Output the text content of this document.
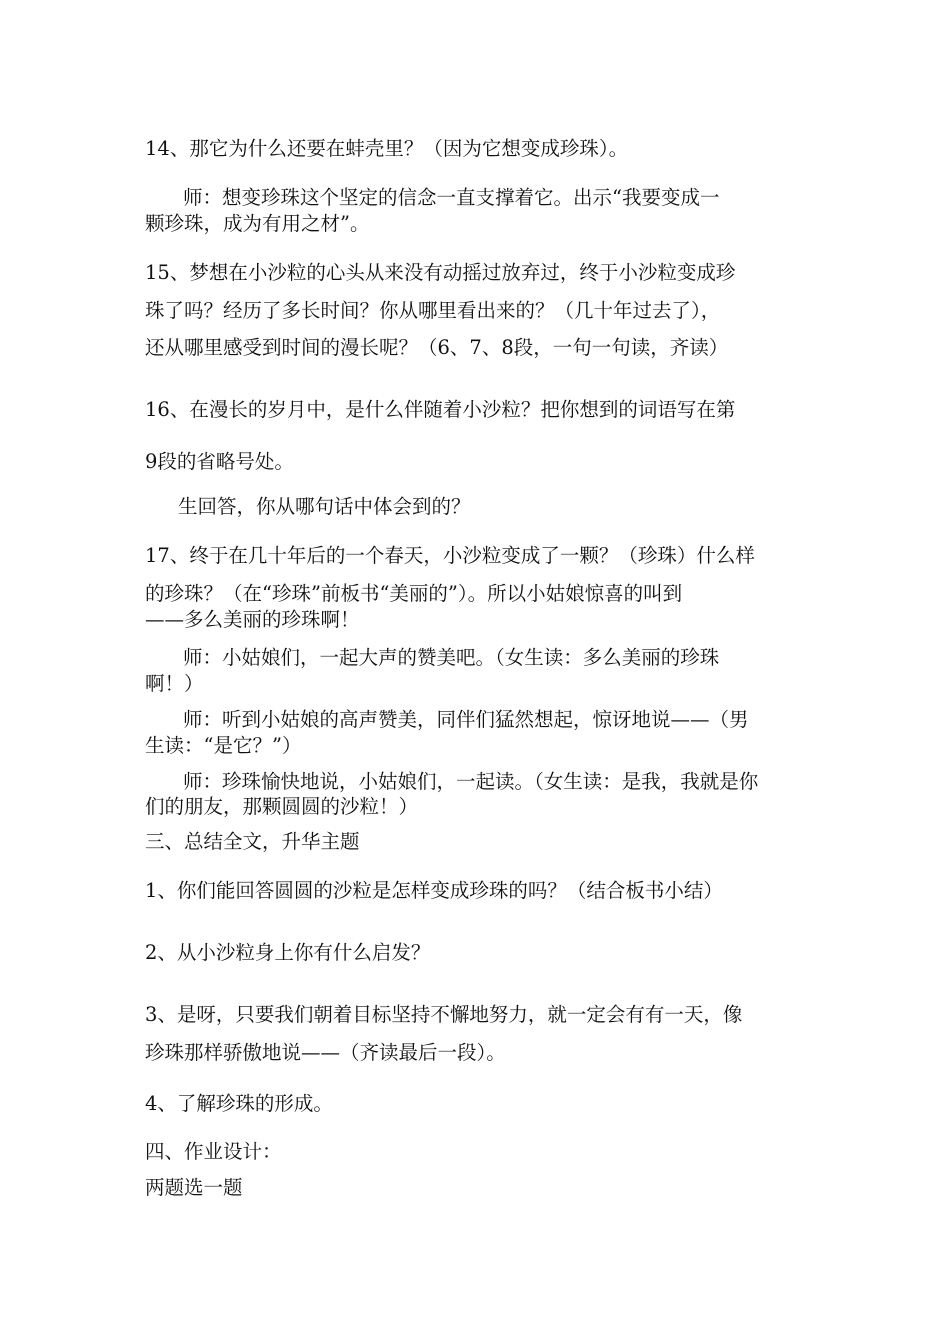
14、那它为什么还要在蚌壳里？（因为它想变成珍珠）。
师：想变珍珠这个坚定的信念一直支撑着它。出示“我要变成一
颗珍珠，成为有用之材”。
15、梦想在小沙粒的心头从来没有动摇过放弃过，终于小沙粒变成珍
珠了吗？经历了多长时间？你从哪里看出来的？（几十年过去了），
还从哪里感受到时间的漫长呢？（6、7、8段，一句一句读，齐读）
16、在漫长的岁月中，是什么伴随着小沙粒？把你想到的词语写在第
9段的省略号处。
生回答，你从哪句话中体会到的？
17、终于在几十年后的一个春天，小沙粒变成了一颗？（珍珠）什么样
的珍珠？（在“珍珠”前板书“美丽的”）。所以小姑娘惊喜的叫到
——多么美丽的珍珠啊！
师：小姑娘们，一起大声的赞美吧。（女生读：多么美丽的珍珠
啊！）
师：听到小姑娘的高声赞美，同伴们猛然想起，惊讶地说——（男
生读：“是它？”）
师：珍珠愉快地说，小姑娘们，一起读。（女生读：是我，我就是你
们的朋友，那颗圆圆的沙粒！）
三、总结全文，升华主题
1、你们能回答圆圆的沙粒是怎样变成珍珠的吗？（结合板书小结）
2、从小沙粒身上你有什么启发？
3、是呀，只要我们朝着目标坚持不懈地努力，就一定会有有一天，像
珍珠那样骄傲地说——（齐读最后一段）。
4、了解珍珠的形成。
四、作业设计：
两题选一题
